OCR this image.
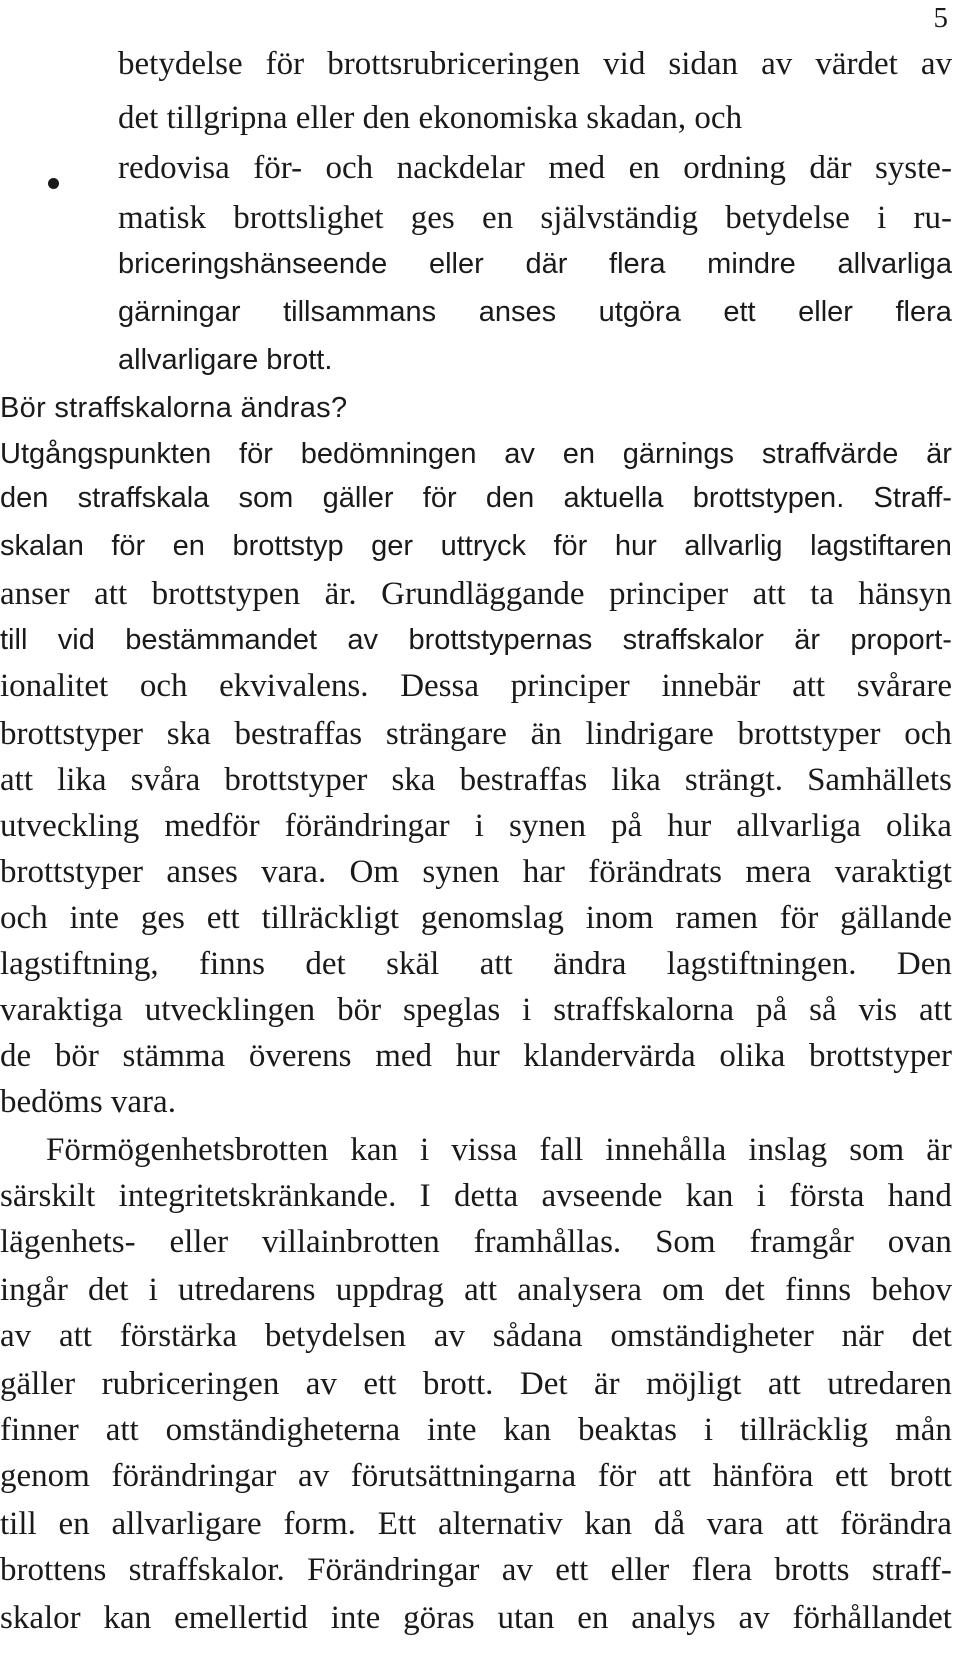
5
betydelse för brottsrubriceringen vid sidan av värdet av
det tillgripna eller den ekonomiska skadan, och
redovisa för- och nackdelar med en ordning där syste-
matisk brottslighet ges en självständig betydelse i ru-
briceringshänseende eller där flera mindre allvarliga
gärningar tillsammans anses utgöra ett eller flera
allvarligare brott.
Bör straffskalorna ändras?
Utgångspunkten för bedömningen av en gärnings straffvärde är
den straffskala som gäller för den aktuella brottstypen. Straff-
skalan för en brottstyp ger uttryck för hur allvarlig lagstiftaren
anser att brottstypen är. Grundläggande principer att ta hänsyn
till vid bestämmandet av brottstypernas straffskalor är proport-
ionalitet och ekvivalens. Dessa principer innebär att svårare
brottstyper ska bestraffas strängare än lindrigare brottstyper och
att lika svåra brottstyper ska bestraffas lika strängt. Samhällets
utveckling medför förändringar i synen på hur allvarliga olika
brottstyper anses vara. Om synen har förändrats mera varaktigt
och inte ges ett tillräckligt genomslag inom ramen för gällande
lagstiftning, finns det skäl att ändra lagstiftningen. Den
varaktiga utvecklingen bör speglas i straffskalorna på så vis att
de bör stämma överens med hur klandervärda olika brottstyper
bedöms vara.
Förmögenhetsbrotten kan i vissa fall innehålla inslag som är
särskilt integritetskränkande. I detta avseende kan i första hand
lägenhets- eller villainbrotten framhållas. Som framgår ovan
ingår det i utredarens uppdrag att analysera om det finns behov
av att förstärka betydelsen av sådana omständigheter när det
gäller rubriceringen av ett brott. Det är möjligt att utredaren
finner att omständigheterna inte kan beaktas i tillräcklig mån
genom förändringar av förutsättningarna för att hänföra ett brott
till en allvarligare form. Ett alternativ kan då vara att förändra
brottens straffskalor. Förändringar av ett eller flera brotts straff-
skalor kan emellertid inte göras utan en analys av förhållandet
